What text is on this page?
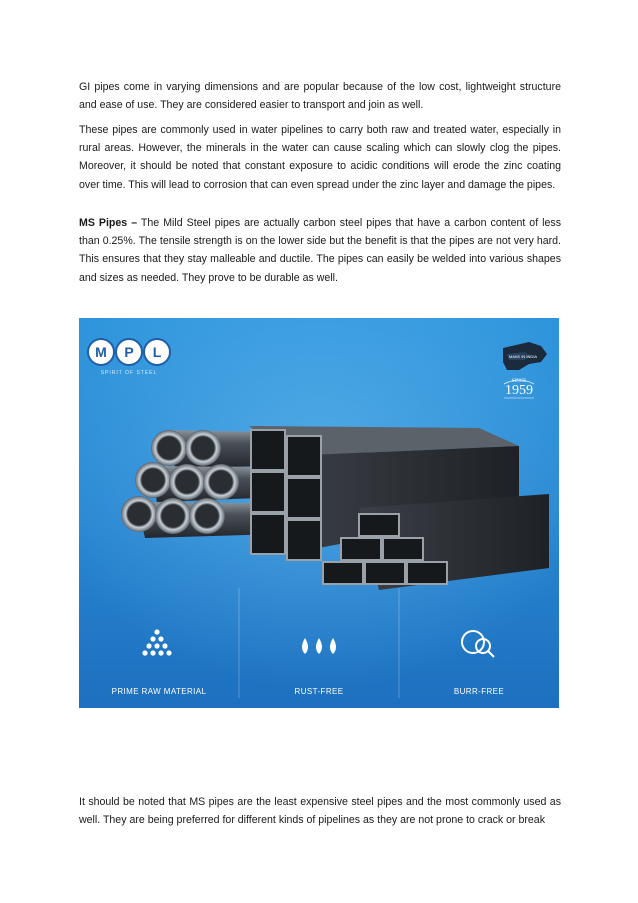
GI pipes come in varying dimensions and are popular because of the low cost, lightweight structure and ease of use. They are considered easier to transport and join as well.

These pipes are commonly used in water pipelines to carry both raw and treated water, especially in rural areas. However, the minerals in the water can cause scaling which can slowly clog the pipes. Moreover, it should be noted that constant exposure to acidic conditions will erode the zinc coating over time. This will lead to corrosion that can even spread under the zinc layer and damage the pipes.

MS Pipes – The Mild Steel pipes are actually carbon steel pipes that have a carbon content of less than 0.25%. The tensile strength is on the lower side but the benefit is that the pipes are not very hard. This ensures that they stay malleable and ductile. The pipes can easily be welded into various shapes and sizes as needed. They prove to be durable as well.

M P L
SPIRIT OF STEEL
MAKE IN INDIA
SINCE
1959
PRIME RAW MATERIAL	RUST-FREE	BURR-FREE

It should be noted that MS pipes are the least expensive steel pipes and the most commonly used as well. They are being preferred for different kinds of pipelines as they are not prone to crack or break
